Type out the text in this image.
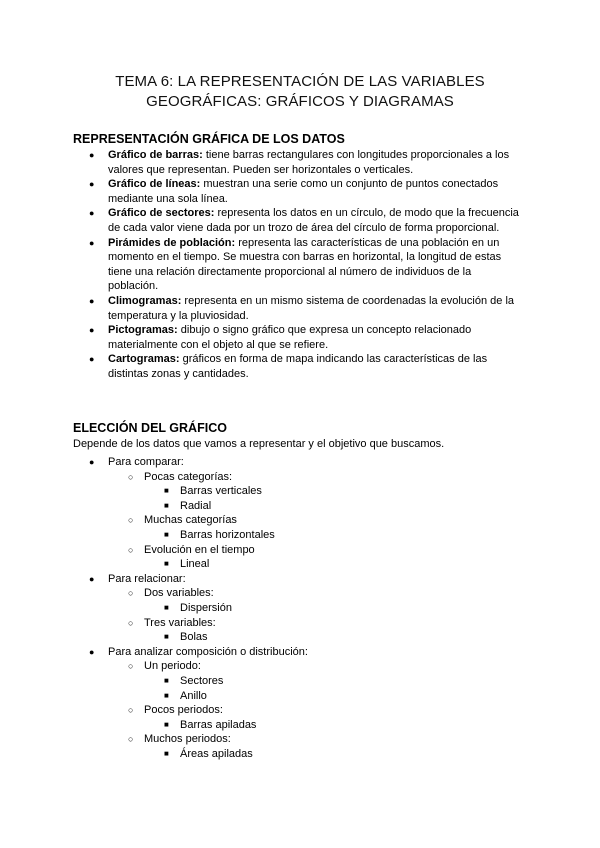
TEMA 6: LA REPRESENTACIÓN DE LAS VARIABLES
GEOGRÁFICAS: GRÁFICOS Y DIAGRAMAS
REPRESENTACIÓN GRÁFICA DE LOS DATOS
● Gráfico de barras: tiene barras rectangulares con longitudes proporcionales a los
valores que representan. Pueden ser horizontales o verticales.
● Gráfico de líneas: muestran una serie como un conjunto de puntos conectados
mediante una sola línea.
● Gráfico de sectores: representa los datos en un círculo, de modo que la frecuencia
de cada valor viene dada por un trozo de área del círculo de forma proporcional.
● Pirámides de población: representa las características de una población en un
momento en el tiempo. Se muestra con barras en horizontal, la longitud de estas
tiene una relación directamente proporcional al número de individuos de la
población.
● Climogramas: representa en un mismo sistema de coordenadas la evolución de la
temperatura y la pluviosidad.
● Pictogramas: dibujo o signo gráfico que expresa un concepto relacionado
materialmente con el objeto al que se refiere.
● Cartogramas: gráficos en forma de mapa indicando las características de las
distintas zonas y cantidades.
ELECCIÓN DEL GRÁFICO
Depende de los datos que vamos a representar y el objetivo que buscamos.
● Para comparar:
○ Pocas categorías:
■ Barras verticales
■ Radial
○ Muchas categorías
■ Barras horizontales
○ Evolución en el tiempo
■ Lineal
● Para relacionar:
○ Dos variables:
■ Dispersión
○ Tres variables:
■ Bolas
● Para analizar composición o distribución:
○ Un periodo:
■ Sectores
■ Anillo
○ Pocos periodos:
■ Barras apiladas
○ Muchos periodos:
■ Áreas apiladas
